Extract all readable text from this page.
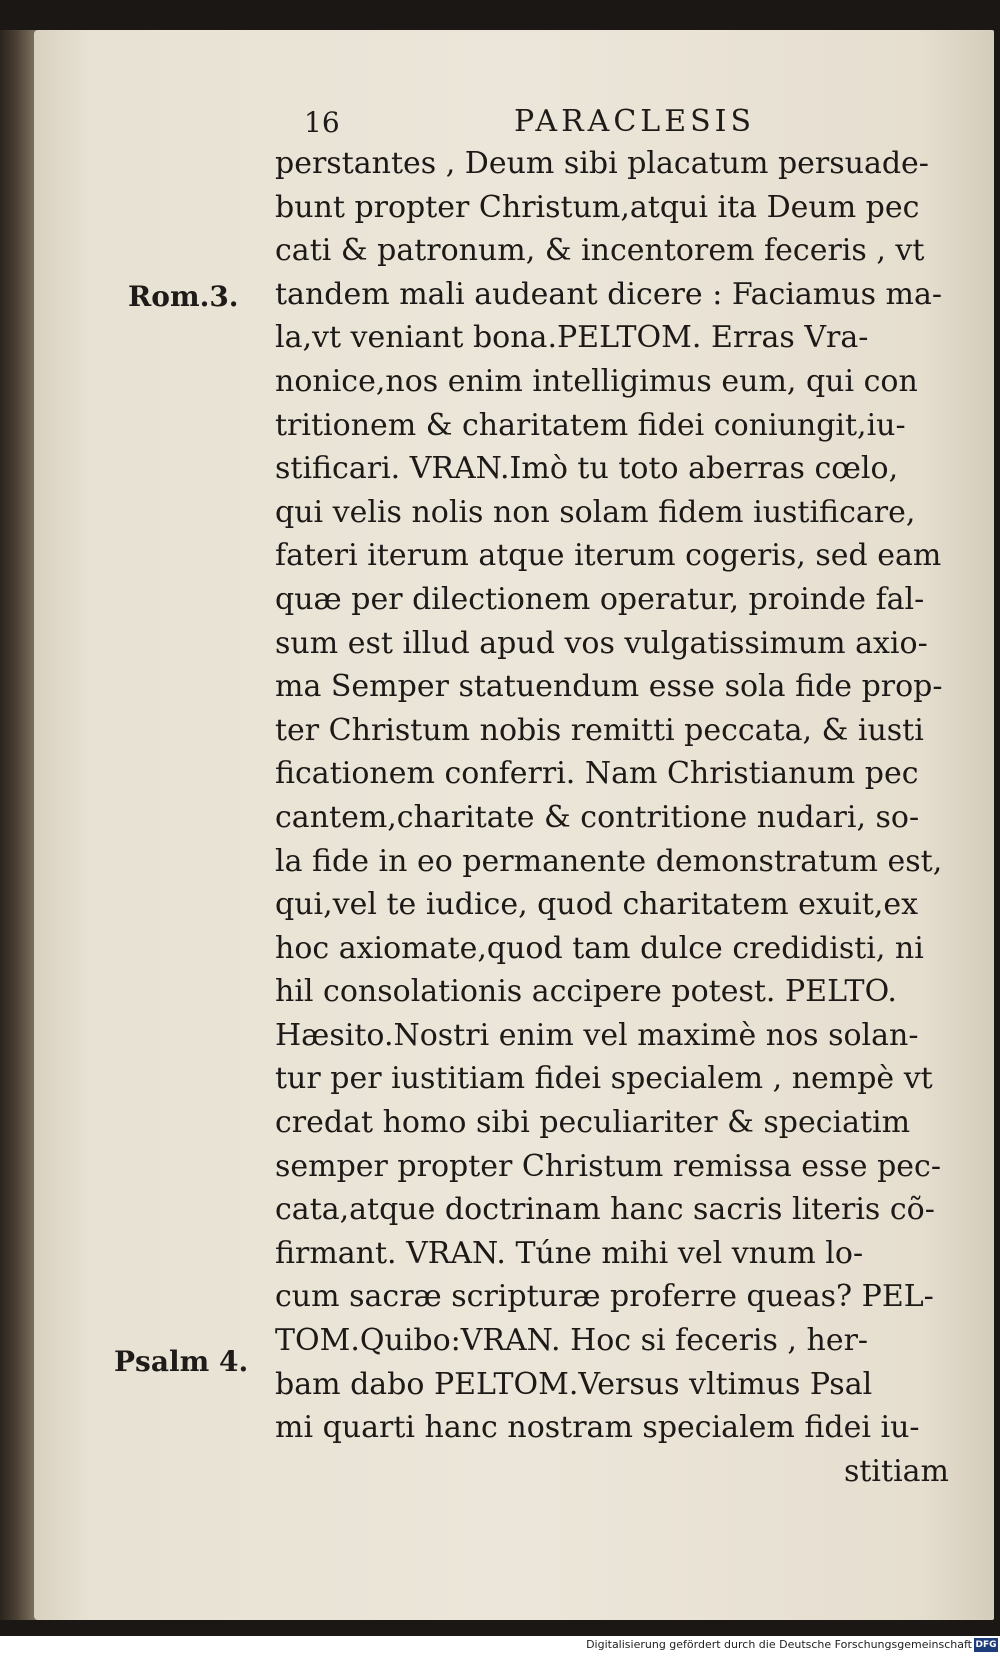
16	PARACLESIS
Rom.3.
Psalm 4.
perstantes , Deum sibi placatum persuade-
bunt propter Christum,atqui ita Deum pec
cati & patronum, & incentorem feceris , vt
tandem mali audeant dicere : Faciamus ma-
la,vt veniant bona.PELTOM. Erras Vra-
nonice,nos enim intelligimus eum, qui con
tritionem & charitatem fidei coniungit,iu-
stificari. VRAN.Imò tu toto aberras cœlo,
qui velis nolis non solam fidem iustificare,
fateri iterum atque iterum cogeris, sed eam
quæ per dilectionem operatur, proinde fal-
sum est illud apud vos vulgatissimum axio-
ma Semper statuendum esse sola fide prop-
ter Christum nobis remitti peccata, & iusti
ficationem conferri. Nam Christianum pec
cantem,charitate & contritione nudari, so-
la fide in eo permanente demonstratum est,
qui,vel te iudice, quod charitatem exuit,ex
hoc axiomate,quod tam dulce credidisti, ni
hil consolationis accipere potest. PELTO.
Hæsito.Nostri enim vel maximè nos solan-
tur per iustitiam fidei specialem , nempè vt
credat homo sibi peculiariter & speciatim
semper propter Christum remissa esse pec-
cata,atque doctrinam hanc sacris literis cõ-
firmant. VRAN. Túne mihi vel vnum lo-
cum sacræ scripturæ proferre queas? PEL-
TOM.Quibo:VRAN. Hoc si feceris , her-
bam dabo PELTOM.Versus vltimus Psal
mi quarti hanc nostram specialem fidei iu-
stitiam
Digitalisierung gefördert durch die Deutsche Forschungsgemeinschaft DFG
